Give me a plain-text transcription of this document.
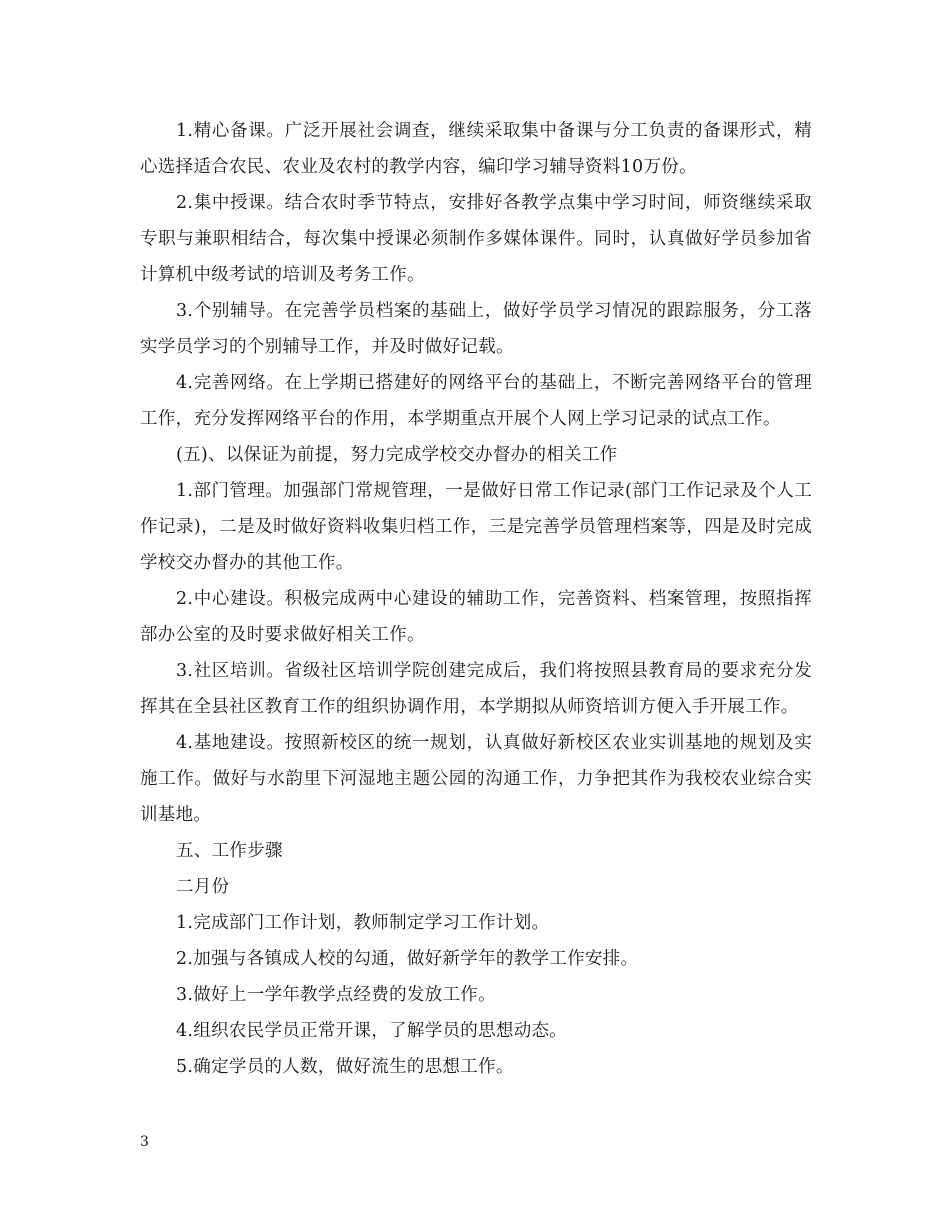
1.精心备课。广泛开展社会调查，继续采取集中备课与分工负责的备课形式，精心选择适合农民、农业及农村的教学内容，编印学习辅导资料10万份。

2.集中授课。结合农时季节特点，安排好各教学点集中学习时间，师资继续采取专职与兼职相结合，每次集中授课必须制作多媒体课件。同时，认真做好学员参加省计算机中级考试的培训及考务工作。

3.个别辅导。在完善学员档案的基础上，做好学员学习情况的跟踪服务，分工落实学员学习的个别辅导工作，并及时做好记载。

4.完善网络。在上学期已搭建好的网络平台的基础上，不断完善网络平台的管理工作，充分发挥网络平台的作用，本学期重点开展个人网上学习记录的试点工作。

(五)、以保证为前提，努力完成学校交办督办的相关工作

1.部门管理。加强部门常规管理，一是做好日常工作记录(部门工作记录及个人工作记录)，二是及时做好资料收集归档工作，三是完善学员管理档案等，四是及时完成学校交办督办的其他工作。

2.中心建设。积极完成两中心建设的辅助工作，完善资料、档案管理，按照指挥部办公室的及时要求做好相关工作。

3.社区培训。省级社区培训学院创建完成后，我们将按照县教育局的要求充分发挥其在全县社区教育工作的组织协调作用，本学期拟从师资培训方便入手开展工作。

4.基地建设。按照新校区的统一规划，认真做好新校区农业实训基地的规划及实施工作。做好与水韵里下河湿地主题公园的沟通工作，力争把其作为我校农业综合实训基地。

五、工作步骤

二月份

1.完成部门工作计划，教师制定学习工作计划。

2.加强与各镇成人校的勾通，做好新学年的教学工作安排。

3.做好上一学年教学点经费的发放工作。

4.组织农民学员正常开课，了解学员的思想动态。

5.确定学员的人数，做好流生的思想工作。

3
